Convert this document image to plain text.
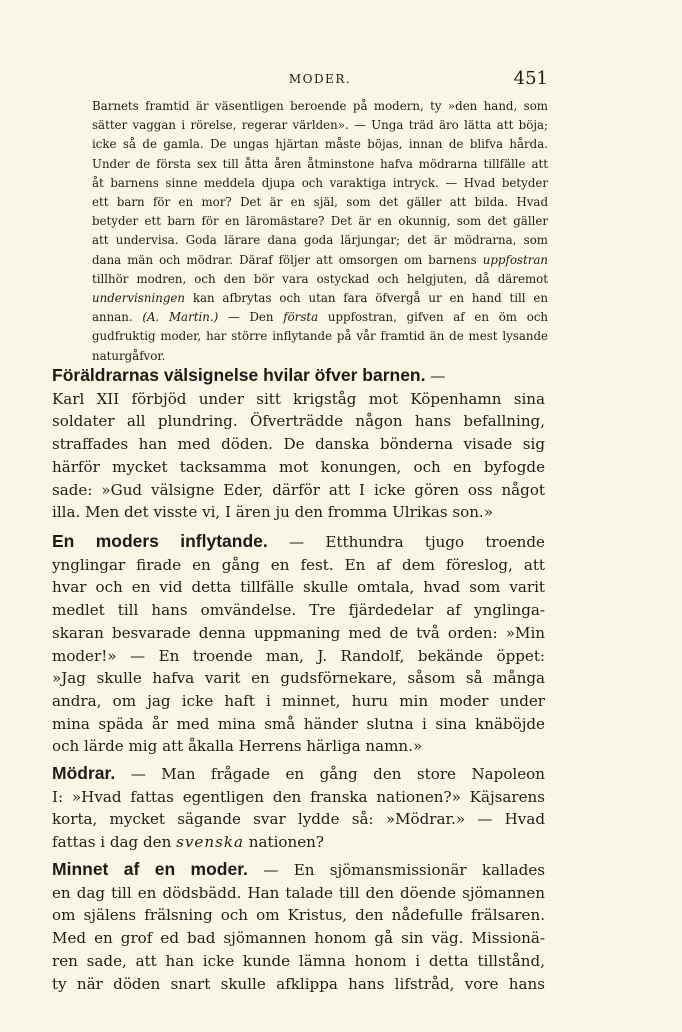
MODER.	451
Barnets framtid är väsentligen beroende på modern, ty »den hand, som
sätter vaggan i rörelse, regerar världen». — Unga träd äro lätta att böja;
icke så de gamla. De ungas hjärtan måste böjas, innan de blifva hårda.
Under de första sex till åtta åren åtminstone hafva mödrarna tillfälle att
åt barnens sinne meddela djupa och varaktiga intryck. — Hvad betyder
ett barn för en mor? Det är en själ, som det gäller att bilda. Hvad
betyder ett barn för en läromästare? Det är en okunnig, som det gäller
att undervisa. Goda lärare dana goda lärjungar; det är mödrarna, som
dana män och mödrar. Däraf följer att omsorgen om barnens uppfostran
tillhör modren, och den bör vara ostyckad och helgjuten, då däremot
undervisningen kan afbrytas och utan fara öfvergå ur en hand till en
annan. (A. Martin.) — Den första uppfostran, gifven af en öm och
gudfruktig moder, har större inflytande på vår framtid än de mest lysande
naturgåfvor.
Föräldrarnas välsignelse hvilar öfver barnen. —
Karl XII förbjöd under sitt krigståg mot Köpenhamn sina
soldater all plundring. Öfverträdde någon hans befallning,
straffades han med döden. De danska bönderna visade sig
härför mycket tacksamma mot konungen, och en byfogde
sade: »Gud välsigne Eder, därför att I icke gören oss något
illa. Men det visste vi, I ären ju den fromma Ulrikas son.»
En moders inflytande. — Etthundra tjugo troende
ynglingar firade en gång en fest. En af dem föreslog, att
hvar och en vid detta tillfälle skulle omtala, hvad som varit
medlet till hans omvändelse. Tre fjärdedelar af ynglinga-
skaran besvarade denna uppmaning med de två orden: »Min
moder!» — En troende man, J. Randolf, bekände öppet:
»Jag skulle hafva varit en gudsförnekare, såsom så många
andra, om jag icke haft i minnet, huru min moder under
mina späda år med mina små händer slutna i sina knäböjde
och lärde mig att åkalla Herrens härliga namn.»
Mödrar. — Man frågade en gång den store Napoleon
I: »Hvad fattas egentligen den franska nationen?» Käjsarens
korta, mycket sägande svar lydde så: »Mödrar.» — Hvad
fattas i dag den svenska nationen?
Minnet af en moder. — En sjömansmissionär kallades
en dag till en dödsbädd. Han talade till den döende sjömannen
om själens frälsning och om Kristus, den nådefulle frälsaren.
Med en grof ed bad sjömannen honom gå sin väg. Missionä-
ren sade, att han icke kunde lämna honom i detta tillstånd,
ty när döden snart skulle afklippa hans lifstråd, vore hans
